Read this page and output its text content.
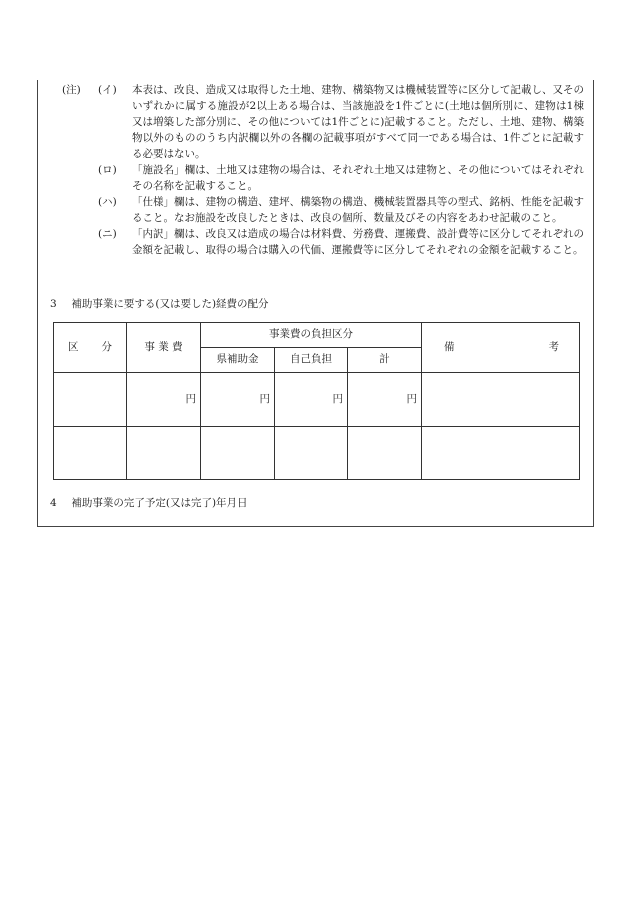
(注)	(イ)	本表は、改良、造成又は取得した土地、建物、構築物又は機械装置等に区分して記載し、又そのいずれかに属する施設が2以上ある場合は、当該施設を1件ごとに(土地は個所別に、建物は1棟又は増築した部分別に、その他については1件ごとに)記載すること。ただし、土地、建物、構築物以外のもののうち内訳欄以外の各欄の記載事項がすべて同一である場合は、1件ごとに記載する必要はない。
(ロ)	「施設名」欄は、土地又は建物の場合は、それぞれ土地又は建物と、その他についてはそれぞれその名称を記載すること。
(ハ)	「仕様」欄は、建物の構造、建坪、構築物の構造、機械装置器具等の型式、銘柄、性能を記載すること。なお施設を改良したときは、改良の個所、数量及びその内容をあわせ記載のこと。
(ニ)	「内訳」欄は、改良又は造成の場合は材料費、労務費、運搬費、設計費等に区分してそれぞれの金額を記載し、取得の場合は購入の代価、運搬費等に区分してそれぞれの金額を記載すること。
3 補助事業に要する(又は要した)経費の配分
区 分	事 業 費	事業費の負担区分			備 考

		県補助金	自己負担	計	
	円	円	円	円	

4 補助事業の完了予定(又は完了)年月日
